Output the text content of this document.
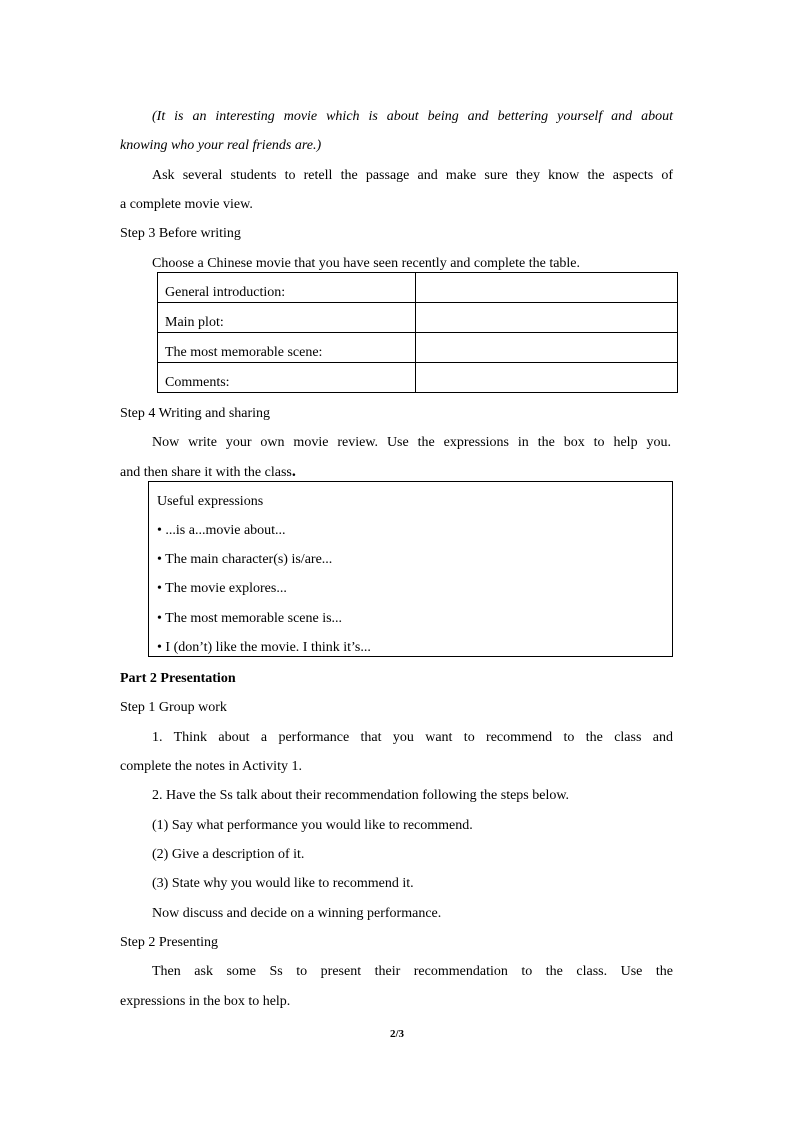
(It is an interesting movie which is about being and bettering yourself and about
knowing who your real friends are.)
Ask several students to retell the passage and make sure they know the aspects of
a complete movie view.
Step 3 Before writing
Choose a Chinese movie that you have seen recently and complete the table.
General introduction:	
Main plot:	
The most memorable scene:	
Comments:	
Step 4 Writing and sharing
Now write your own movie review. Use the expressions in the box to help you.
and then share it with the class.
Useful expressions
• ...is a...movie about...
• The main character(s) is/are...
• The movie explores...
• The most memorable scene is...
• I (don’t) like the movie. I think it’s...
Part 2 Presentation
Step 1 Group work
1. Think about a performance that you want to recommend to the class and
complete the notes in Activity 1.
2. Have the Ss talk about their recommendation following the steps below.
(1) Say what performance you would like to recommend.
(2) Give a description of it.
(3) State why you would like to recommend it.
Now discuss and decide on a winning performance.
Step 2 Presenting
Then ask some Ss to present their recommendation to the class. Use the
expressions in the box to help.
2/3
